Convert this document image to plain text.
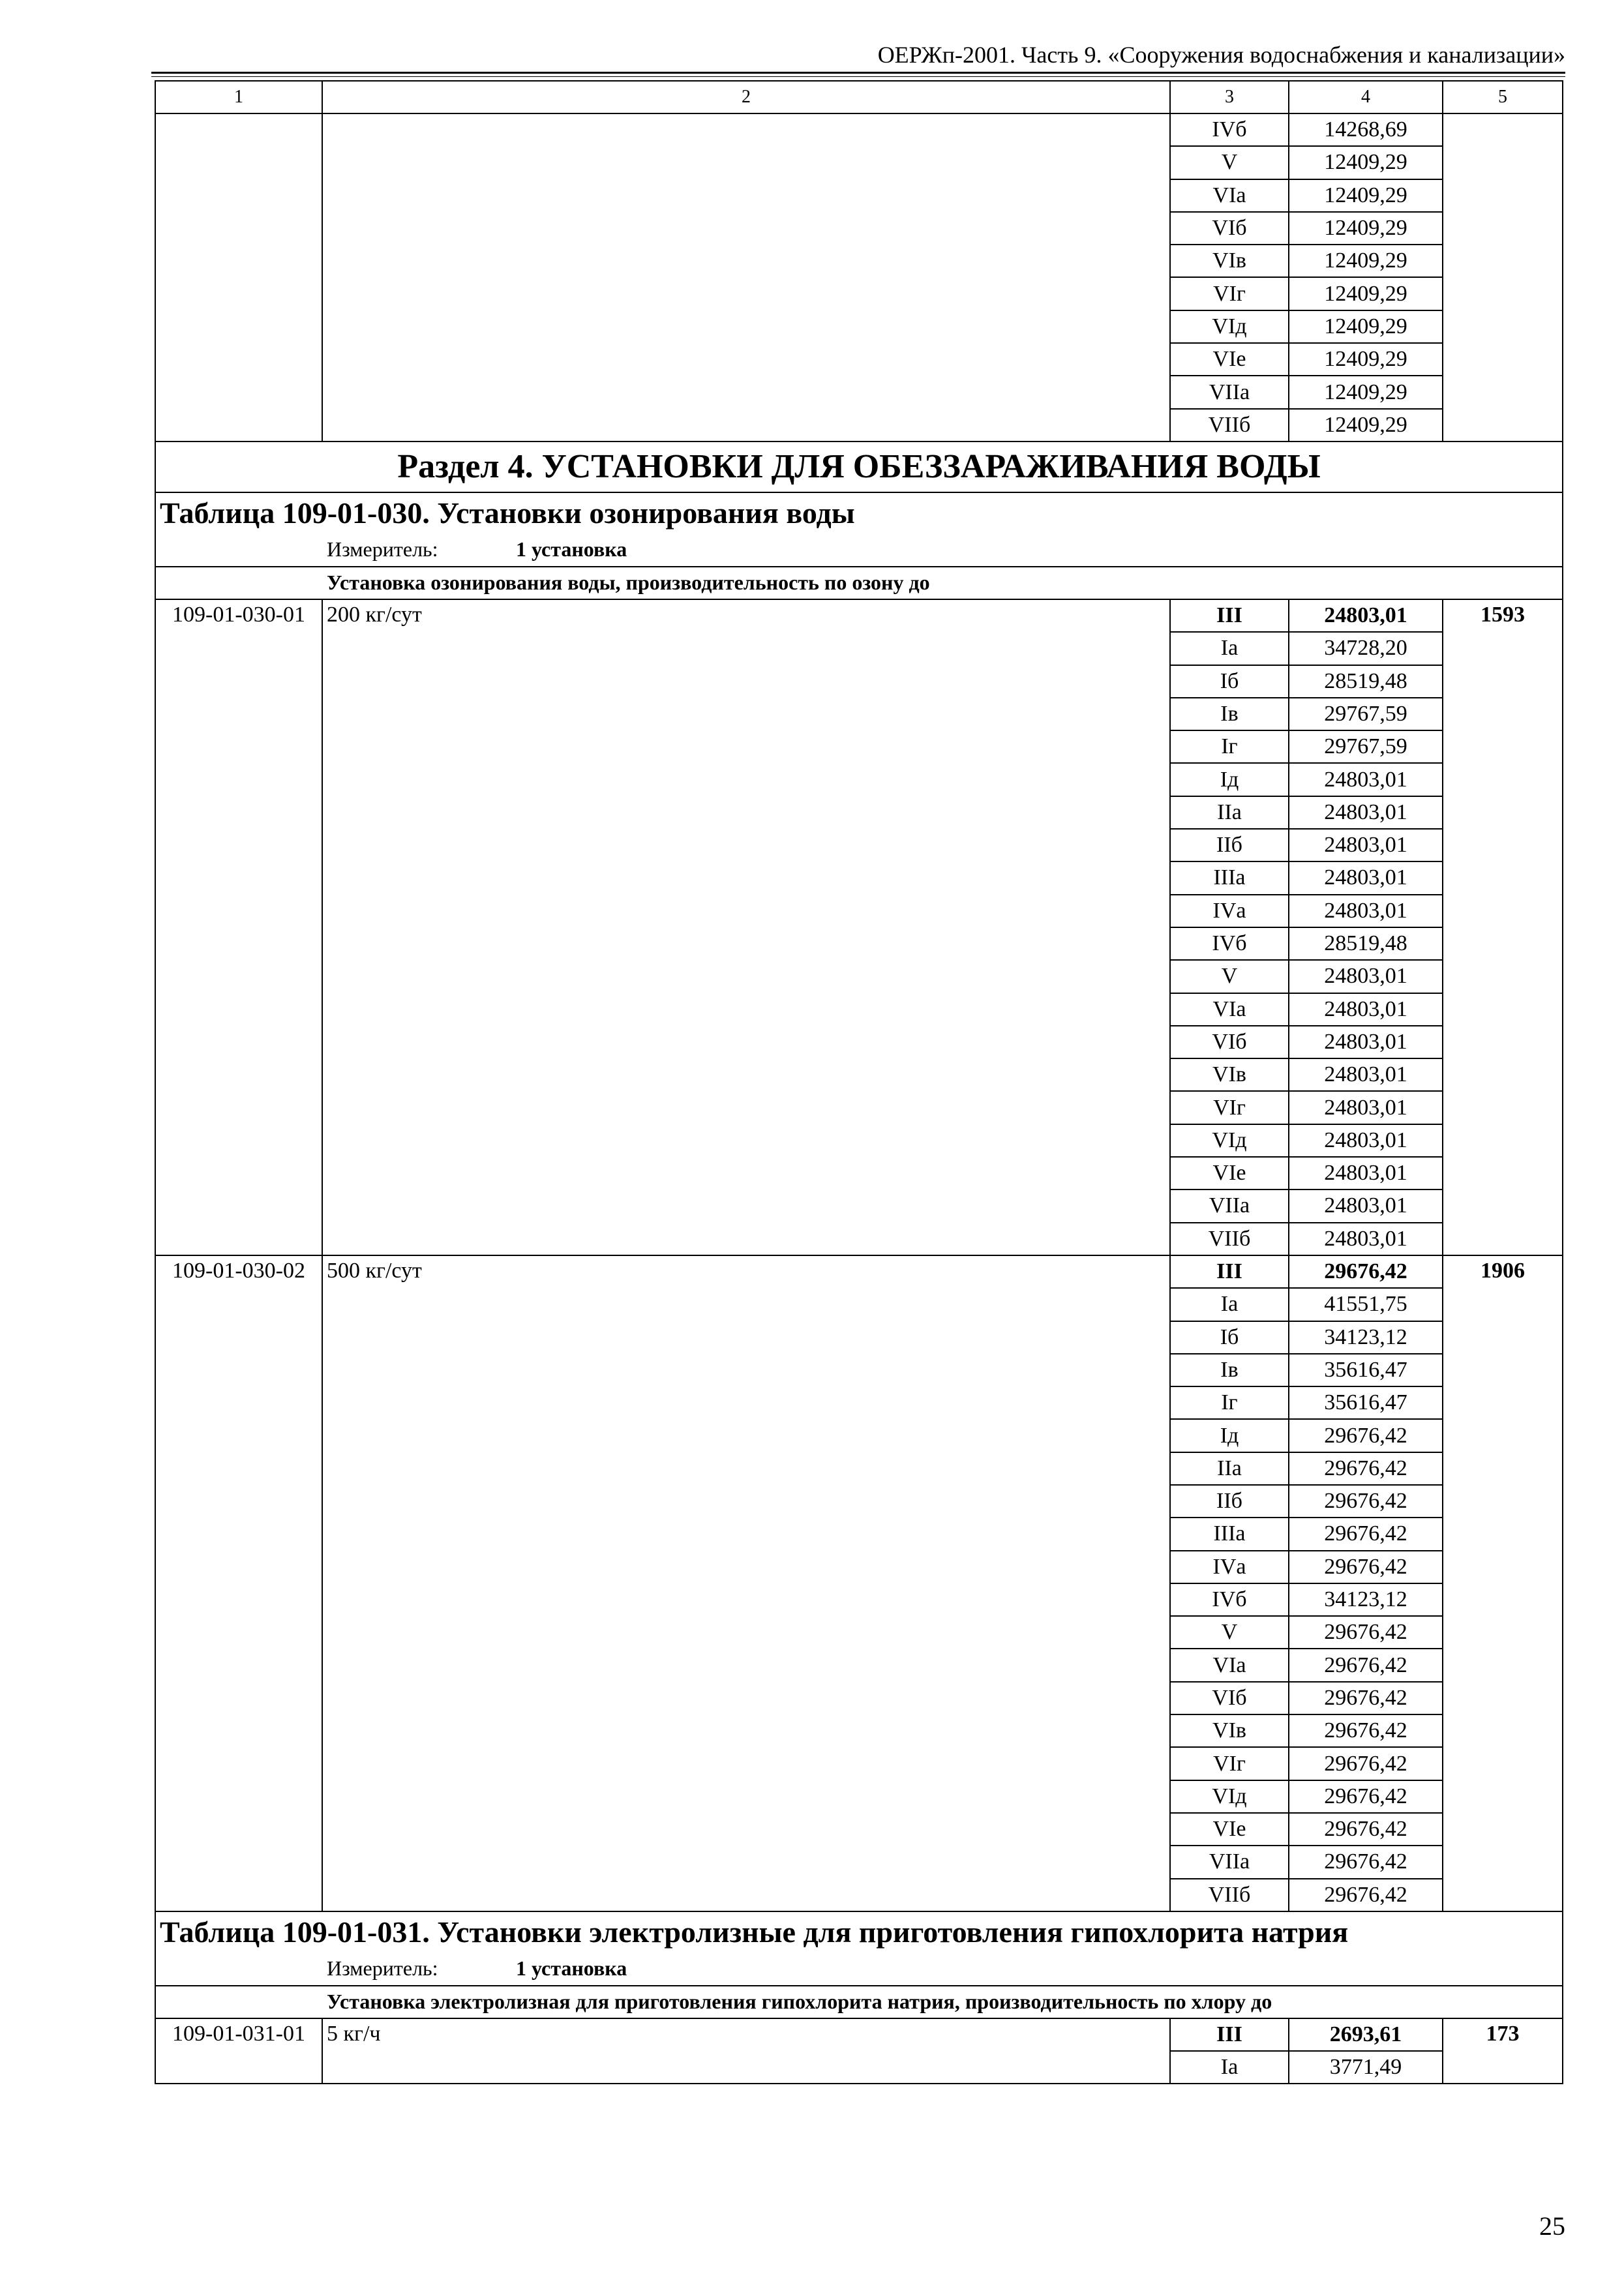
ОЕРЖп-2001. Часть 9. «Сооружения водоснабжения и канализации»
1	2	3	4	5
		IVб	14268,69	
		V	12409,29	
		VIа	12409,29	
		VIб	12409,29	
		VIв	12409,29	
		VIг	12409,29	
		VIд	12409,29	
		VIе	12409,29	
		VIIа	12409,29	
		VIIб	12409,29	
Раздел 4. УСТАНОВКИ ДЛЯ ОБЕЗЗАРАЖИВАНИЯ ВОДЫ				
Таблица 109-01-030. Установки озонирования воды				
Измеритель: 1 установка				
Установка озонирования воды, производительность по озону до				
109-01-030-01	200 кг/сут	III	24803,01	1593
		Iа	34728,20	
		Iб	28519,48	
		Iв	29767,59	
		Iг	29767,59	
		Iд	24803,01	
		IIа	24803,01	
		IIб	24803,01	
		IIIа	24803,01	
		IVа	24803,01	
		IVб	28519,48	
		V	24803,01	
		VIа	24803,01	
		VIб	24803,01	
		VIв	24803,01	
		VIг	24803,01	
		VIд	24803,01	
		VIе	24803,01	
		VIIа	24803,01	
		VIIб	24803,01	
109-01-030-02	500 кг/сут	III	29676,42	1906
		Iа	41551,75	
		Iб	34123,12	
		Iв	35616,47	
		Iг	35616,47	
		Iд	29676,42	
		IIа	29676,42	
		IIб	29676,42	
		IIIа	29676,42	
		IVа	29676,42	
		IVб	34123,12	
		V	29676,42	
		VIа	29676,42	
		VIб	29676,42	
		VIв	29676,42	
		VIг	29676,42	
		VIд	29676,42	
		VIе	29676,42	
		VIIа	29676,42	
		VIIб	29676,42	
Таблица 109-01-031. Установки электролизные для приготовления гипохлорита натрия				
Измеритель: 1 установка				
Установка электролизная для приготовления гипохлорита натрия, производительность по хлору до				
109-01-031-01	5 кг/ч	III	2693,61	173
		Iа	3771,49	
25
